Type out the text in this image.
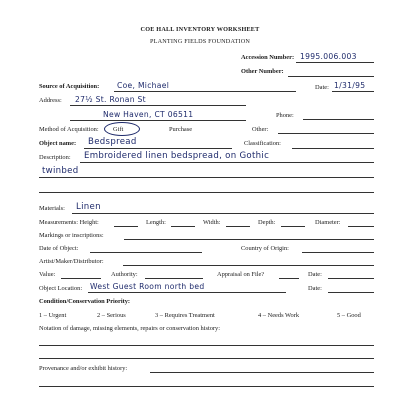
COE HALL INVENTORY WORKSHEET
PLANTING FIELDS FOUNDATION
Accession Number: 1995.006.003
Other Number:
Source of Acquisition: Coe, Michael	Date: 1/31/95
Address: 27½ St. Ronan St
New Haven, CT 06511	Phone:
Method of Acquisition: Gift	Purchase	Other:
Object name: Bedspread	Classification:
Description: Embroidered linen bedspread, on Gothic
twinbed
Materials: Linen
Measurements: Height:	Length:	Width:	Depth:	Diameter:
Markings or inscriptions:
Date of Object:	Country of Origin:
Artist/Maker/Distributor:
Value:	Authority:	Appraisal on File?	Date:
Object Location: West Guest Room north bed	Date:
Condition/Conservation Priority:
1 – Urgent	2 – Serious	3 – Requires Treatment	4 – Needs Work	5 – Good
Notation of damage, missing elements, repairs or conservation history:
Provenance and/or exhibit history:
